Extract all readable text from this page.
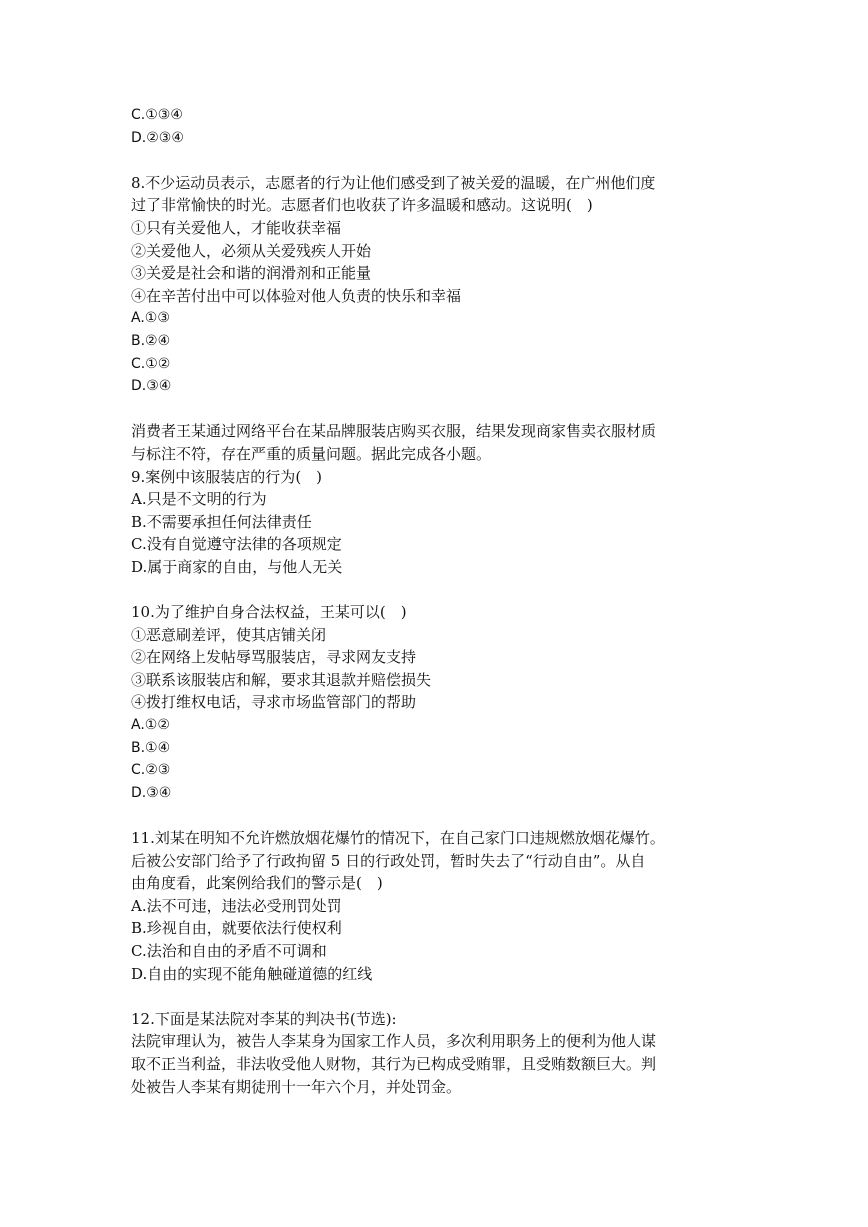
C.①③④
D.②③④
8.不少运动员表示，志愿者的行为让他们感受到了被关爱的温暖，在广州他们度
过了非常愉快的时光。志愿者们也收获了许多温暖和感动。这说明(　)
①只有关爱他人，才能收获幸福
②关爱他人，必须从关爱残疾人开始
③关爱是社会和谐的润滑剂和正能量
④在辛苦付出中可以体验对他人负责的快乐和幸福
A.①③
B.②④
C.①②
D.③④
消费者王某通过网络平台在某品牌服装店购买衣服，结果发现商家售卖衣服材质
与标注不符，存在严重的质量问题。据此完成各小题。
9.案例中该服装店的行为(　)
A.只是不文明的行为
B.不需要承担任何法律责任
C.没有自觉遵守法律的各项规定
D.属于商家的自由，与他人无关
10.为了维护自身合法权益，王某可以(　)
①恶意刷差评，使其店铺关闭
②在网络上发帖辱骂服装店，寻求网友支持
③联系该服装店和解，要求其退款并赔偿损失
④拨打维权电话，寻求市场监管部门的帮助
A.①②
B.①④
C.②③
D.③④
11.刘某在明知不允许燃放烟花爆竹的情况下，在自己家门口违规燃放烟花爆竹。
后被公安部门给予了行政拘留 5 日的行政处罚，暂时失去了“行动自由”。从自
由角度看，此案例给我们的警示是(　)
A.法不可违，违法必受刑罚处罚
B.珍视自由，就要依法行使权利
C.法治和自由的矛盾不可调和
D.自由的实现不能角触碰道德的红线
12.下面是某法院对李某的判决书(节选):
法院审理认为，被告人李某身为国家工作人员，多次利用职务上的便利为他人谋
取不正当利益，非法收受他人财物，其行为已构成受贿罪，且受贿数额巨大。判
处被告人李某有期徒刑十一年六个月，并处罚金。
